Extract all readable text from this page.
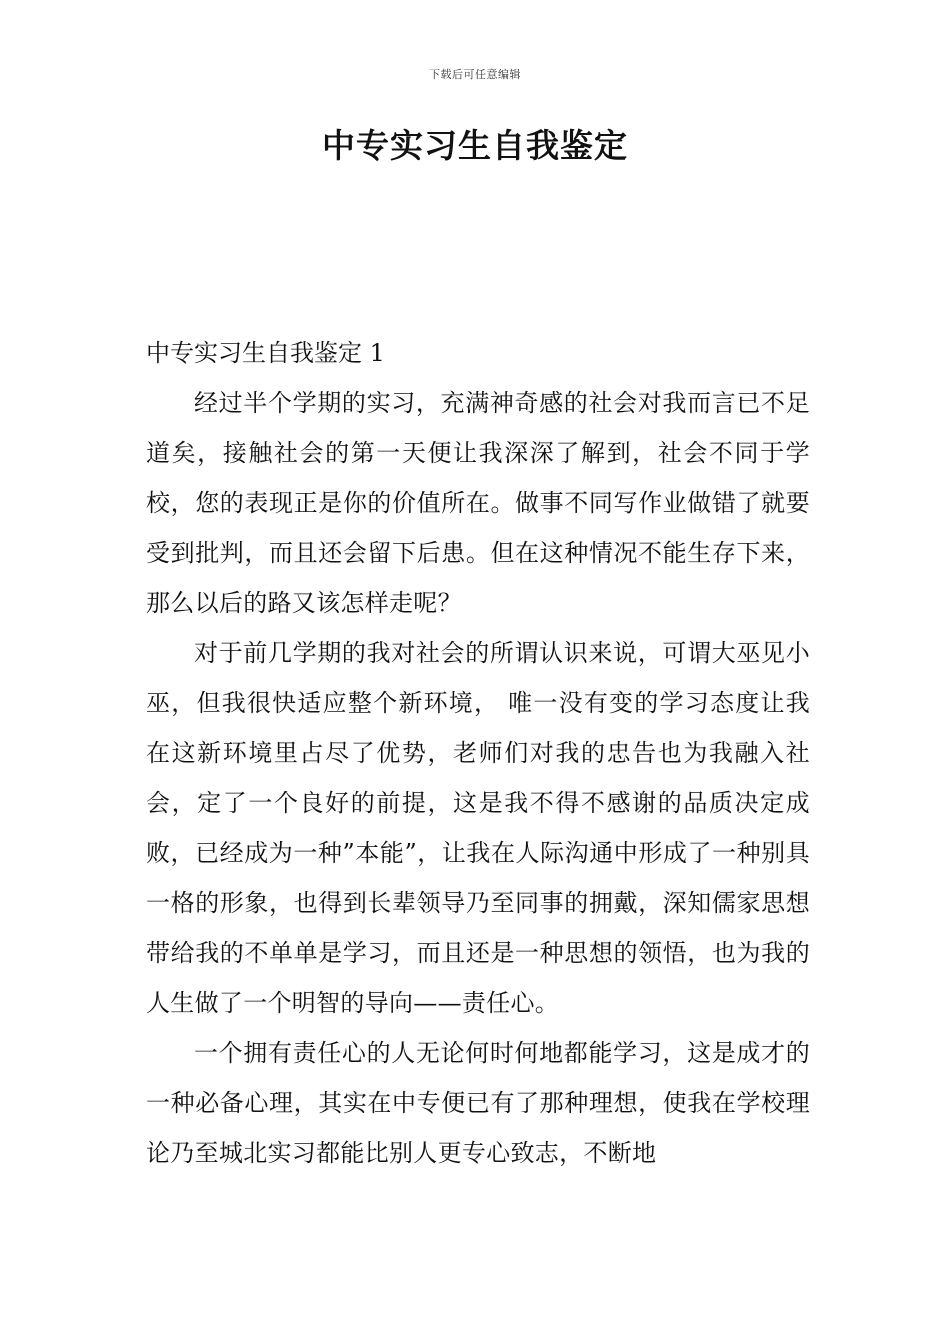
下载后可任意编辑
中专实习生自我鉴定

中专实习生自我鉴定 1

经过半个学期的实习，充满神奇感的社会对我而言已不足道矣，接触社会的第一天便让我深深了解到，社会不同于学校，您的表现正是你的价值所在。做事不同写作业做错了就要受到批判，而且还会留下后患。但在这种情况不能生存下来，那么以后的路又该怎样走呢？

对于前几学期的我对社会的所谓认识来说，可谓大巫见小巫，但我很快适应整个新环境， 唯一没有变的学习态度让我在这新环境里占尽了优势，老师们对我的忠告也为我融入社会，定了一个良好的前提，这是我不得不感谢的品质决定成败，已经成为一种”本能”，让我在人际沟通中形成了一种别具一格的形象，也得到长辈领导乃至同事的拥戴，深知儒家思想带给我的不单单是学习，而且还是一种思想的领悟，也为我的人生做了一个明智的导向——责任心。

一个拥有责任心的人无论何时何地都能学习，这是成才的一种必备心理，其实在中专便已有了那种理想，使我在学校理论乃至城北实习都能比别人更专心致志，不断地
